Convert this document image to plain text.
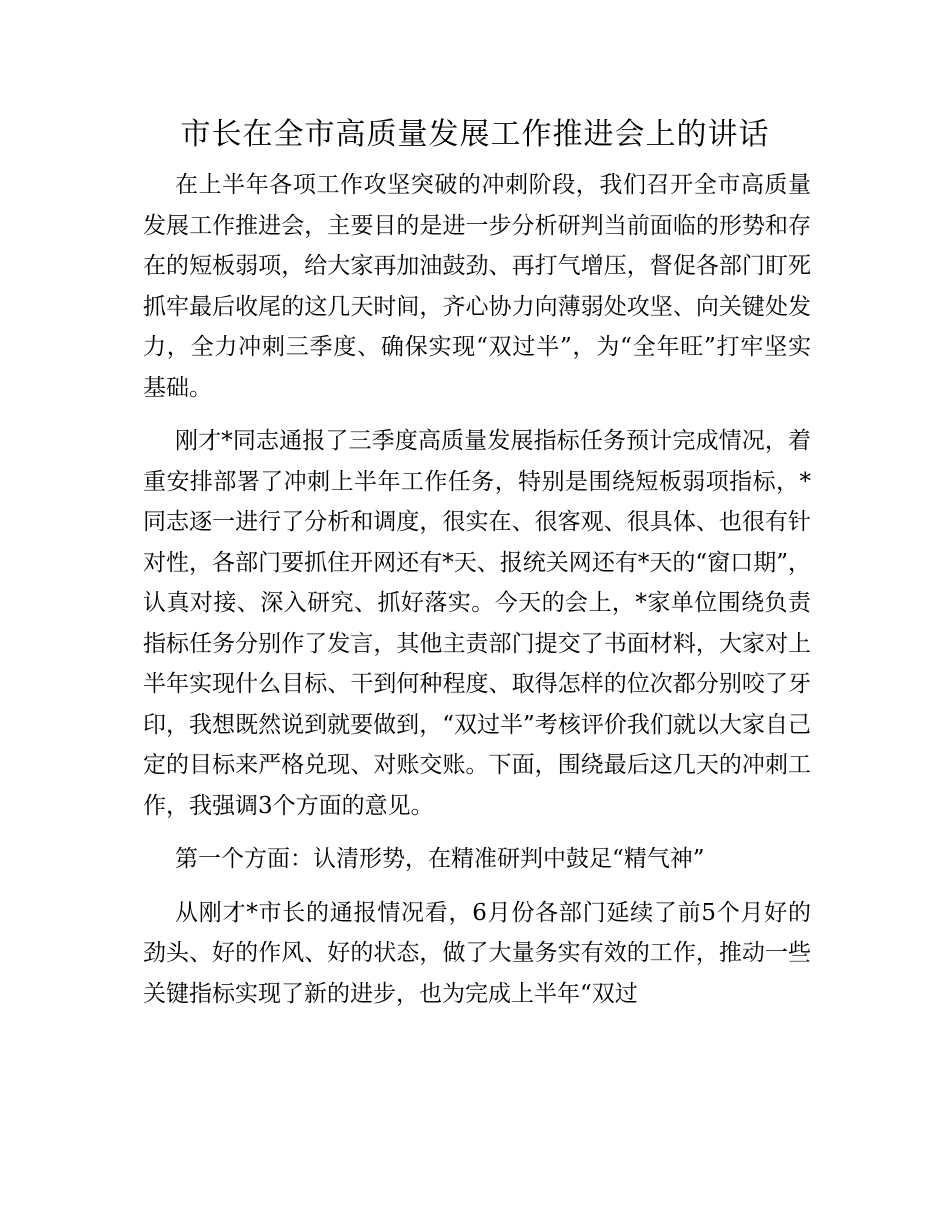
市长在全市高质量发展工作推进会上的讲话

在上半年各项工作攻坚突破的冲刺阶段，我们召开全市高质量发展工作推进会，主要目的是进一步分析研判当前面临的形势和存在的短板弱项，给大家再加油鼓劲、再打气增压，督促各部门盯死抓牢最后收尾的这几天时间，齐心协力向薄弱处攻坚、向关键处发力，全力冲刺三季度、确保实现“双过半”，为“全年旺”打牢坚实基础。

刚才*同志通报了三季度高质量发展指标任务预计完成情况，着重安排部署了冲刺上半年工作任务，特别是围绕短板弱项指标，*同志逐一进行了分析和调度，很实在、很客观、很具体、也很有针对性，各部门要抓住开网还有*天、报统关网还有*天的“窗口期”，认真对接、深入研究、抓好落实。今天的会上，*家单位围绕负责指标任务分别作了发言，其他主责部门提交了书面材料，大家对上半年实现什么目标、干到何种程度、取得怎样的位次都分别咬了牙印，我想既然说到就要做到，“双过半”考核评价我们就以大家自己定的目标来严格兑现、对账交账。下面，围绕最后这几天的冲刺工作，我强调3个方面的意见。

第一个方面：认清形势，在精准研判中鼓足“精气神”

从刚才*市长的通报情况看，6月份各部门延续了前5个月好的劲头、好的作风、好的状态，做了大量务实有效的工作，推动一些关键指标实现了新的进步，也为完成上半年“双过
